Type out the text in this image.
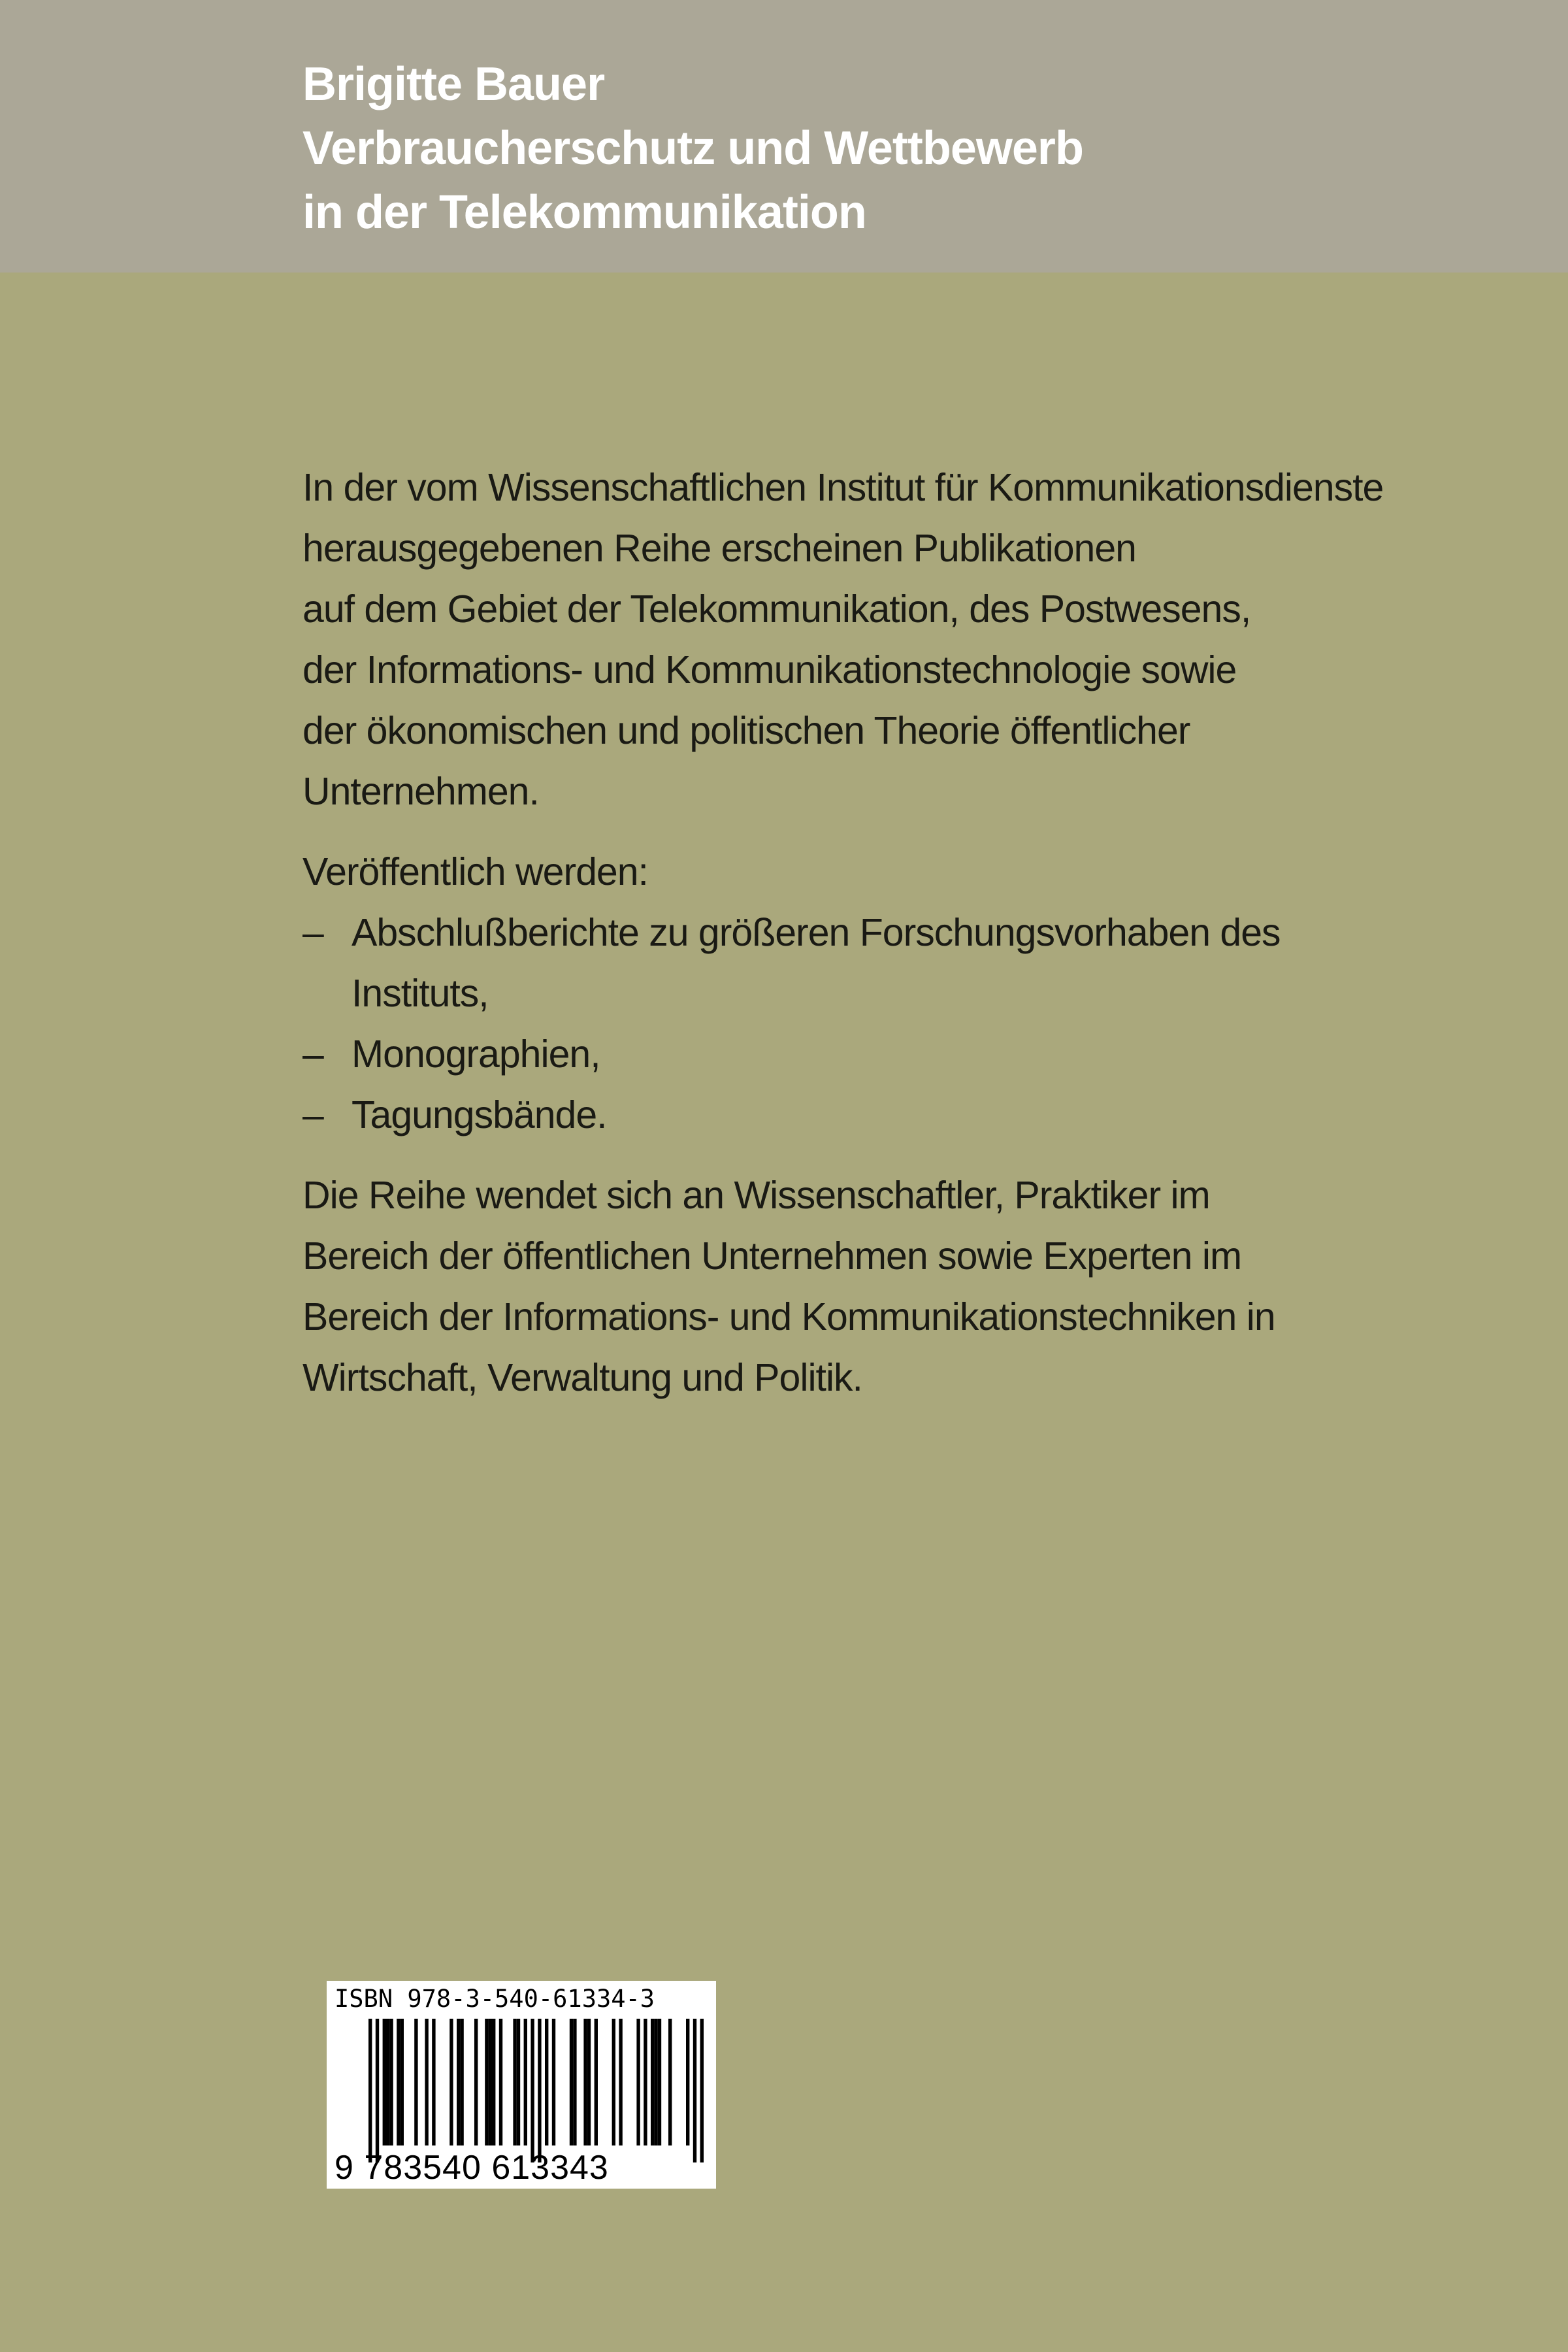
Brigitte Bauer
Verbraucherschutz und Wettbewerb
in der Telekommunikation
In der vom Wissenschaftlichen Institut für Kommunikationsdienste
herausgegebenen Reihe erscheinen Publikationen
auf dem Gebiet der Telekommunikation, des Postwesens,
der Informations- und Kommunikationstechnologie sowie
der ökonomischen und politischen Theorie öffentlicher
Unternehmen.
Veröffentlich werden:
– Abschlußberichte zu größeren Forschungsvorhaben des
Instituts,
– Monographien,
– Tagungsbände.
Die Reihe wendet sich an Wissenschaftler, Praktiker im
Bereich der öffentlichen Unternehmen sowie Experten im
Bereich der Informations- und Kommunikationstechniken in
Wirtschaft, Verwaltung und Politik.
ISBN 978-3-540-61334-3
9 783540 613343
